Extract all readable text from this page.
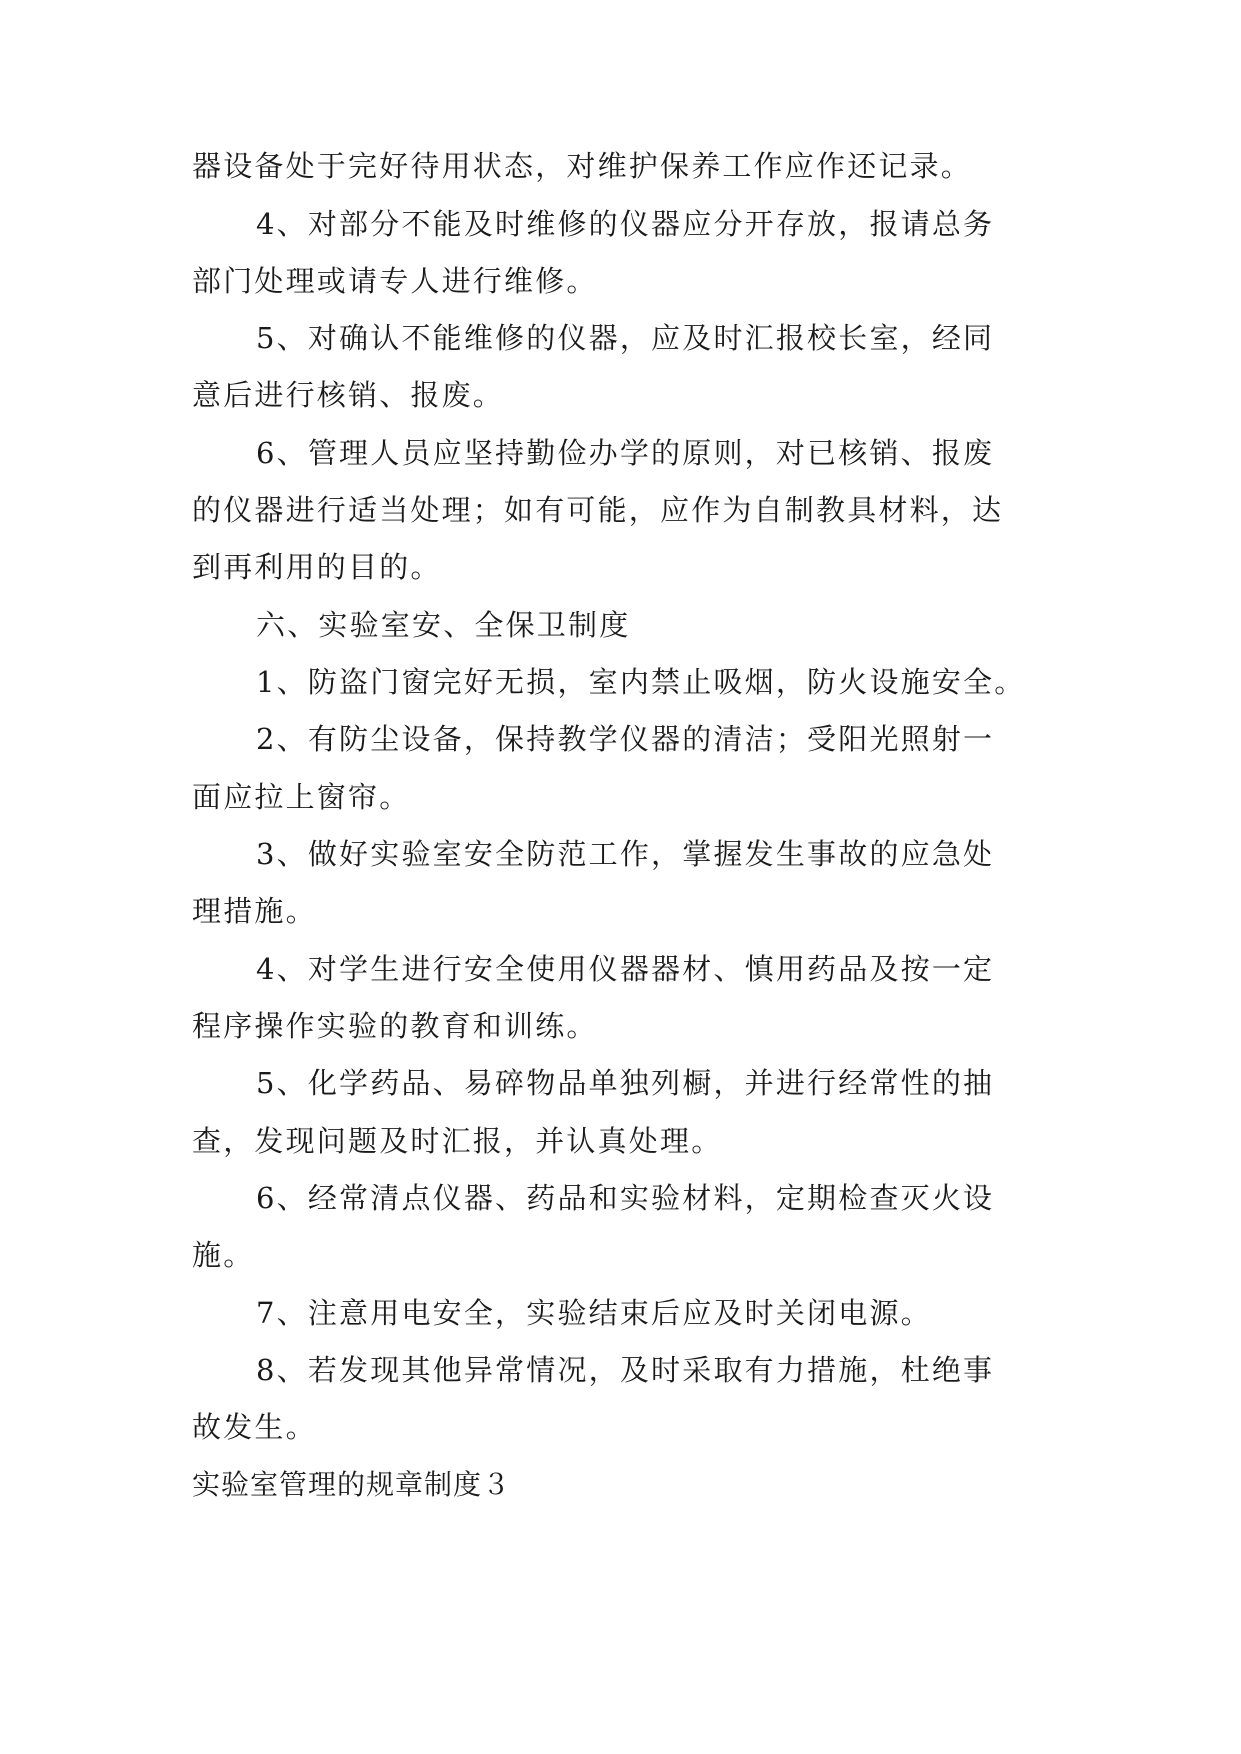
器设备处于完好待用状态，对维护保养工作应作还记录。
4、对部分不能及时维修的仪器应分开存放，报请总务
部门处理或请专人进行维修。
5、对确认不能维修的仪器，应及时汇报校长室，经同
意后进行核销、报废。
6、管理人员应坚持勤俭办学的原则，对已核销、报废
的仪器进行适当处理；如有可能，应作为自制教具材料，达
到再利用的目的。
六、实验室安、全保卫制度
1、防盗门窗完好无损，室内禁止吸烟，防火设施安全。
2、有防尘设备，保持教学仪器的清洁；受阳光照射一
面应拉上窗帘。
3、做好实验室安全防范工作，掌握发生事故的应急处
理措施。
4、对学生进行安全使用仪器器材、慎用药品及按一定
程序操作实验的教育和训练。
5、化学药品、易碎物品单独列橱，并进行经常性的抽
查，发现问题及时汇报，并认真处理。
6、经常清点仪器、药品和实验材料，定期检查灭火设
施。
7、注意用电安全，实验结束后应及时关闭电源。
8、若发现其他异常情况，及时采取有力措施，杜绝事
故发生。
实验室管理的规章制度３
